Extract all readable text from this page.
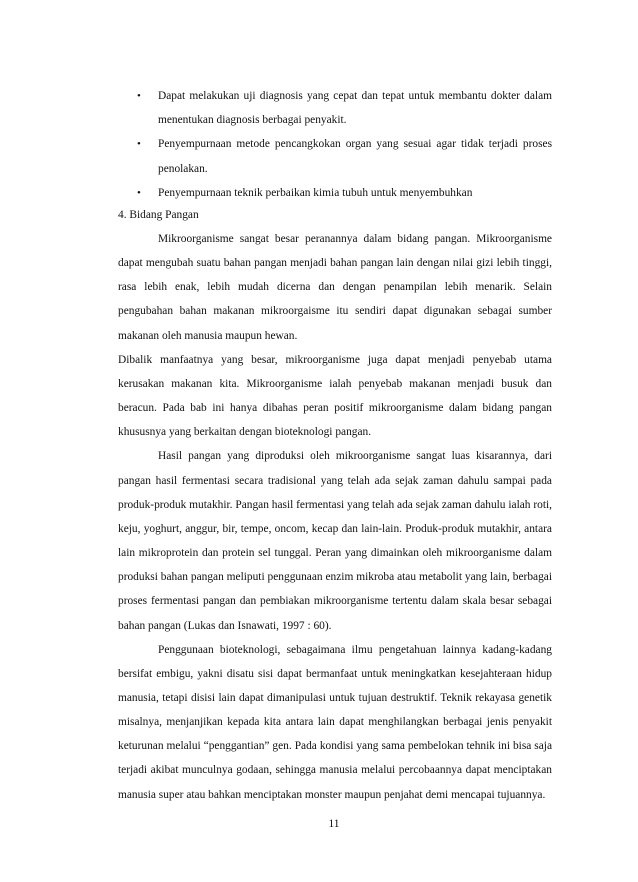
• Dapat melakukan uji diagnosis yang cepat dan tepat untuk membantu dokter dalam menentukan diagnosis berbagai penyakit.
• Penyempurnaan metode pencangkokan organ yang sesuai agar tidak terjadi proses penolakan.
• Penyempurnaan teknik perbaikan kimia tubuh untuk menyembuhkan
4. Bidang Pangan

Mikroorganisme sangat besar peranannya dalam bidang pangan. Mikroorganisme dapat mengubah suatu bahan pangan menjadi bahan pangan lain dengan nilai gizi lebih tinggi, rasa lebih enak, lebih mudah dicerna dan dengan penampilan lebih menarik. Selain pengubahan bahan makanan mikroorgaisme itu sendiri dapat digunakan sebagai sumber makanan oleh manusia maupun hewan.

Dibalik manfaatnya yang besar, mikroorganisme juga dapat menjadi penyebab utama kerusakan makanan kita. Mikroorganisme ialah penyebab makanan menjadi busuk dan beracun. Pada bab ini hanya dibahas peran positif mikroorganisme dalam bidang pangan khususnya yang berkaitan dengan bioteknologi pangan.

Hasil pangan yang diproduksi oleh mikroorganisme sangat luas kisarannya, dari pangan hasil fermentasi secara tradisional yang telah ada sejak zaman dahulu sampai pada produk-produk mutakhir. Pangan hasil fermentasi yang telah ada sejak zaman dahulu ialah roti, keju, yoghurt, anggur, bir, tempe, oncom, kecap dan lain-lain. Produk-produk mutakhir, antara lain mikroprotein dan protein sel tunggal. Peran yang dimainkan oleh mikroorganisme dalam produksi bahan pangan meliputi penggunaan enzim mikroba atau metabolit yang lain, berbagai proses fermentasi pangan dan pembiakan mikroorganisme tertentu dalam skala besar sebagai bahan pangan (Lukas dan Isnawati, 1997 : 60).

Penggunaan bioteknologi, sebagaimana ilmu pengetahuan lainnya kadang-kadang bersifat embigu, yakni disatu sisi dapat bermanfaat untuk meningkatkan kesejahteraan hidup manusia, tetapi disisi lain dapat dimanipulasi untuk tujuan destruktif. Teknik rekayasa genetik misalnya, menjanjikan kepada kita antara lain dapat menghilangkan berbagai jenis penyakit keturunan melalui “penggantian” gen. Pada kondisi yang sama pembelokan tehnik ini bisa saja terjadi akibat munculnya godaan, sehingga manusia melalui percobaannya dapat menciptakan manusia super atau bahkan menciptakan monster maupun penjahat demi mencapai tujuannya.

11
